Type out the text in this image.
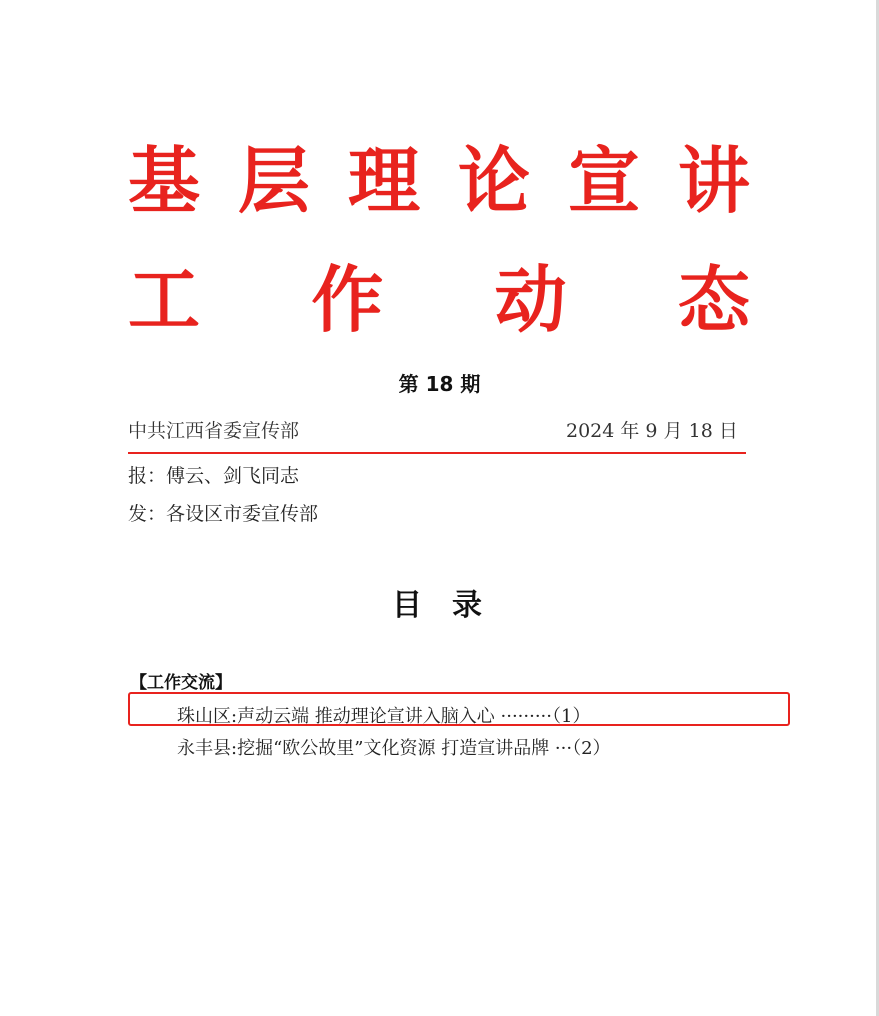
基 层 理 论 宣 讲
工 作 动 态
第 18 期
中共江西省委宣传部	2024 年 9 月 18 日
报：傅云、剑飞同志
发：各设区市委宣传部
目录
【工作交流】
珠山区:声动云端 推动理论宣讲入脑入心 ·········（1）
永丰县:挖掘“欧公故里”文化资源 打造宣讲品牌 ···（2）
